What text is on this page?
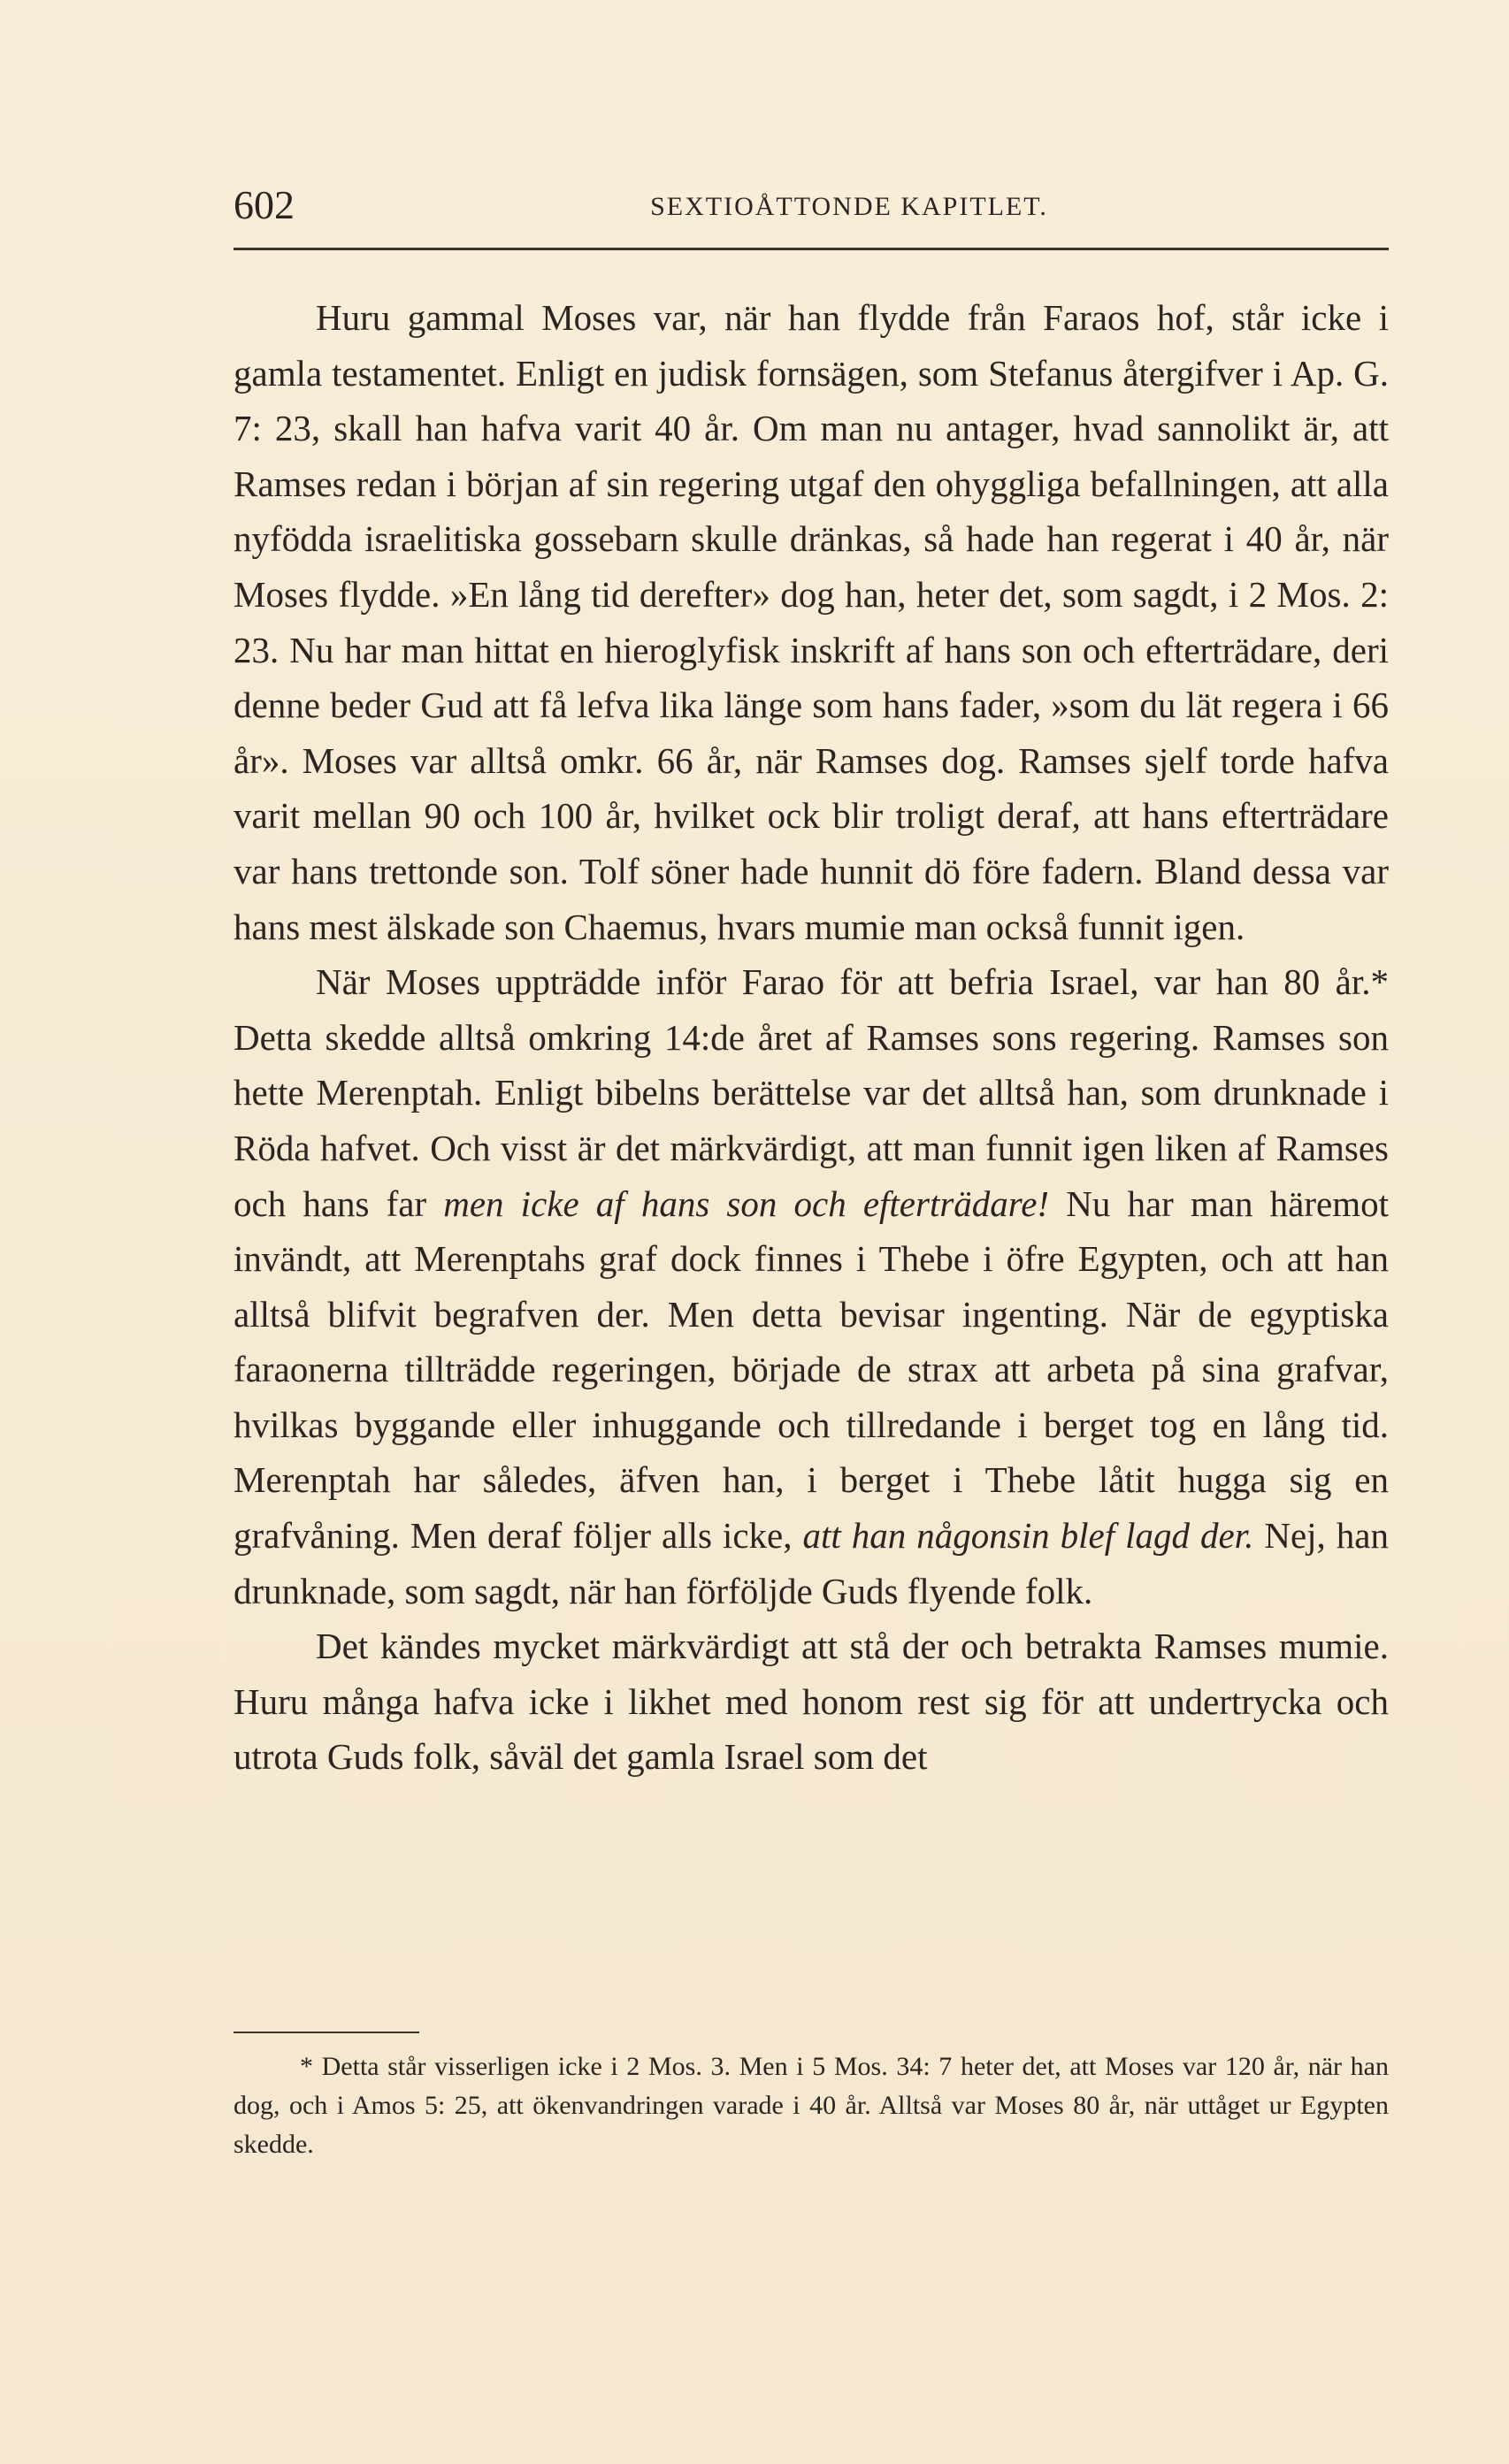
602	SEXTIOÅTTONDE KAPITLET.

Huru gammal Moses var, när han flydde från Faraos hof, står icke i gamla testamentet. Enligt en judisk fornsägen, som Stefanus återgifver i Ap. G. 7: 23, skall han hafva varit 40 år. Om man nu antager, hvad sannolikt är, att Ramses redan i början af sin regering utgaf den ohyggliga befallningen, att alla nyfödda israelitiska gossebarn skulle dränkas, så hade han regerat i 40 år, när Moses flydde. »En lång tid derefter» dog han, heter det, som sagdt, i 2 Mos. 2: 23. Nu har man hittat en hieroglyfisk inskrift af hans son och efterträdare, deri denne beder Gud att få lefva lika länge som hans fader, »som du lät regera i 66 år». Moses var alltså omkr. 66 år, när Ramses dog. Ramses sjelf torde hafva varit mellan 90 och 100 år, hvilket ock blir troligt deraf, att hans efterträdare var hans trettonde son. Tolf söner hade hunnit dö före fadern. Bland dessa var hans mest älskade son Chaemus, hvars mumie man också funnit igen.

När Moses uppträdde inför Farao för att befria Israel, var han 80 år.* Detta skedde alltså omkring 14:de året af Ramses sons regering. Ramses son hette Merenptah. Enligt bibelns berättelse var det alltså han, som drunknade i Röda hafvet. Och visst är det märkvärdigt, att man funnit igen liken af Ramses och hans far men icke af hans son och efterträdare! Nu har man häremot invändt, att Merenptahs graf dock finnes i Thebe i öfre Egypten, och att han alltså blifvit begrafven der. Men detta bevisar ingenting. När de egyptiska faraonerna tillträdde regeringen, började de strax att arbeta på sina grafvar, hvilkas byggande eller inhuggande och tillredande i berget tog en lång tid. Merenptah har således, äfven han, i berget i Thebe låtit hugga sig en grafvåning. Men deraf följer alls icke, att han någonsin blef lagd der. Nej, han drunknade, som sagdt, när han förföljde Guds flyende folk.

Det kändes mycket märkvärdigt att stå der och betrakta Ramses mumie. Huru många hafva icke i likhet med honom rest sig för att undertrycka och utrota Guds folk, såväl det gamla Israel som det

* Detta står visserligen icke i 2 Mos. 3. Men i 5 Mos. 34: 7 heter det, att Moses var 120 år, när han dog, och i Amos 5: 25, att ökenvandringen varade i 40 år. Alltså var Moses 80 år, när uttåget ur Egypten skedde.
